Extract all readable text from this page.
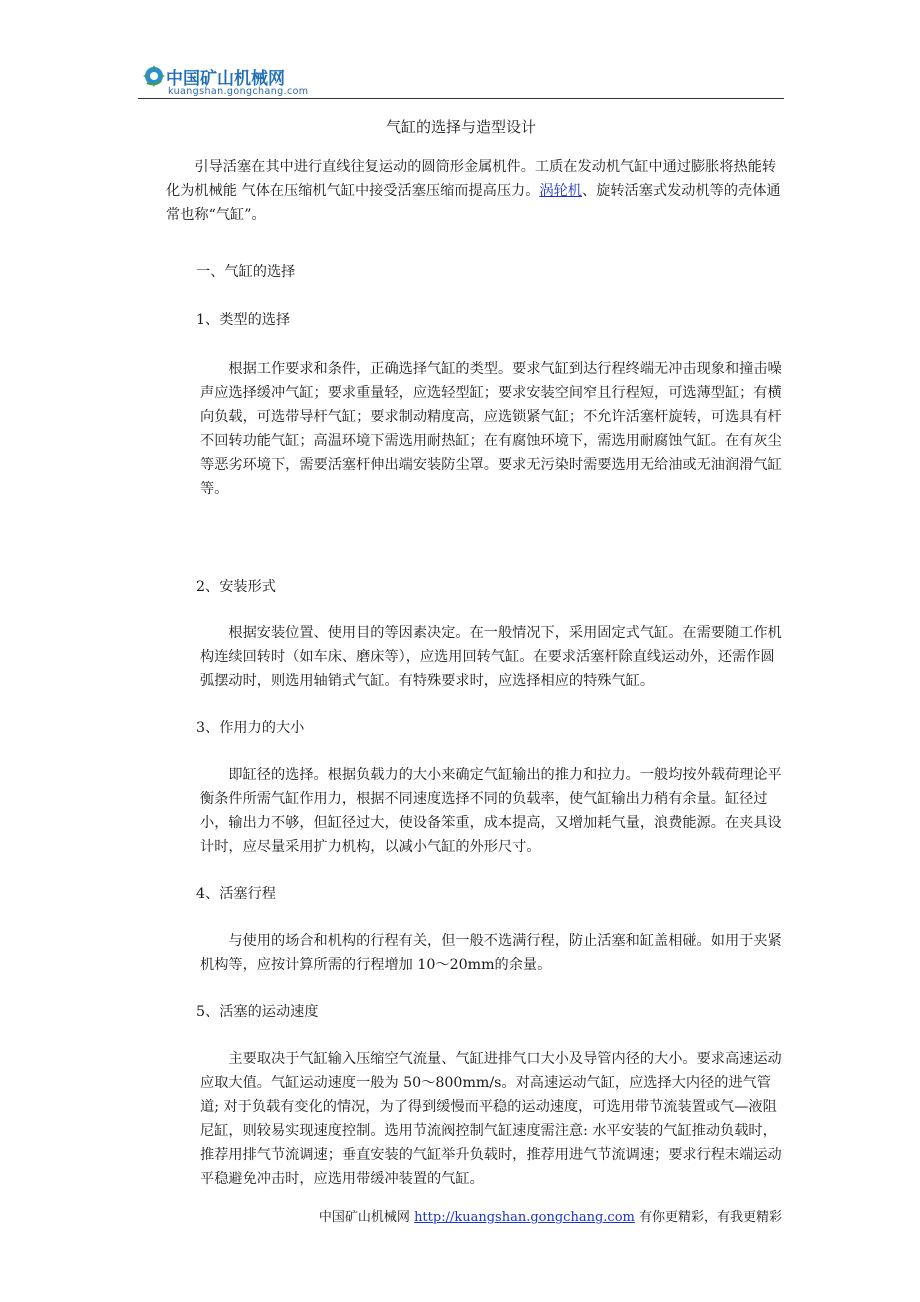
中国矿山机械网
kuangshan.gongchang.com
气缸的选择与造型设计

引导活塞在其中进行直线往复运动的圆筒形金属机件。工质在发动机气缸中通过膨胀将热能转化为机械能 气体在压缩机气缸中接受活塞压缩而提高压力。涡轮机、旋转活塞式发动机等的壳体通常也称“气缸”。

一、气缸的选择

1、类型的选择

根据工作要求和条件，正确选择气缸的类型。要求气缸到达行程终端无冲击现象和撞击噪声应选择缓冲气缸；要求重量轻，应选轻型缸；要求安装空间窄且行程短，可选薄型缸；有横向负载，可选带导杆气缸；要求制动精度高，应选锁紧气缸；不允许活塞杆旋转，可选具有杆不回转功能气缸；高温环境下需选用耐热缸；在有腐蚀环境下，需选用耐腐蚀气缸。在有灰尘等恶劣环境下，需要活塞杆伸出端安装防尘罩。要求无污染时需要选用无给油或无油润滑气缸等。

2、安装形式

根据安装位置、使用目的等因素决定。在一般情况下，采用固定式气缸。在需要随工作机构连续回转时（如车床、磨床等），应选用回转气缸。在要求活塞杆除直线运动外，还需作圆弧摆动时，则选用轴销式气缸。有特殊要求时，应选择相应的特殊气缸。

3、作用力的大小

即缸径的选择。根据负载力的大小来确定气缸输出的推力和拉力。一般均按外载荷理论平衡条件所需气缸作用力，根据不同速度选择不同的负载率，使气缸输出力稍有余量。缸径过小，输出力不够，但缸径过大，使设备笨重，成本提高，又增加耗气量，浪费能源。在夹具设计时，应尽量采用扩力机构，以减小气缸的外形尺寸。

4、活塞行程

与使用的场合和机构的行程有关，但一般不选满行程，防止活塞和缸盖相碰。如用于夹紧机构等，应按计算所需的行程增加 10～20mm的余量。

5、活塞的运动速度

主要取决于气缸输入压缩空气流量、气缸进排气口大小及导管内径的大小。要求高速运动应取大值。气缸运动速度一般为 50～800mm/s。对高速运动气缸，应选择大内径的进气管道; 对于负载有变化的情况，为了得到缓慢而平稳的运动速度，可选用带节流装置或气—液阻尼缸，则较易实现速度控制。选用节流阀控制气缸速度需注意: 水平安装的气缸推动负载时，推荐用排气节流调速；垂直安装的气缸举升负载时，推荐用进气节流调速；要求行程末端运动平稳避免冲击时，应选用带缓冲装置的气缸。

中国矿山机械网 http://kuangshan.gongchang.com 有你更精彩，有我更精彩
